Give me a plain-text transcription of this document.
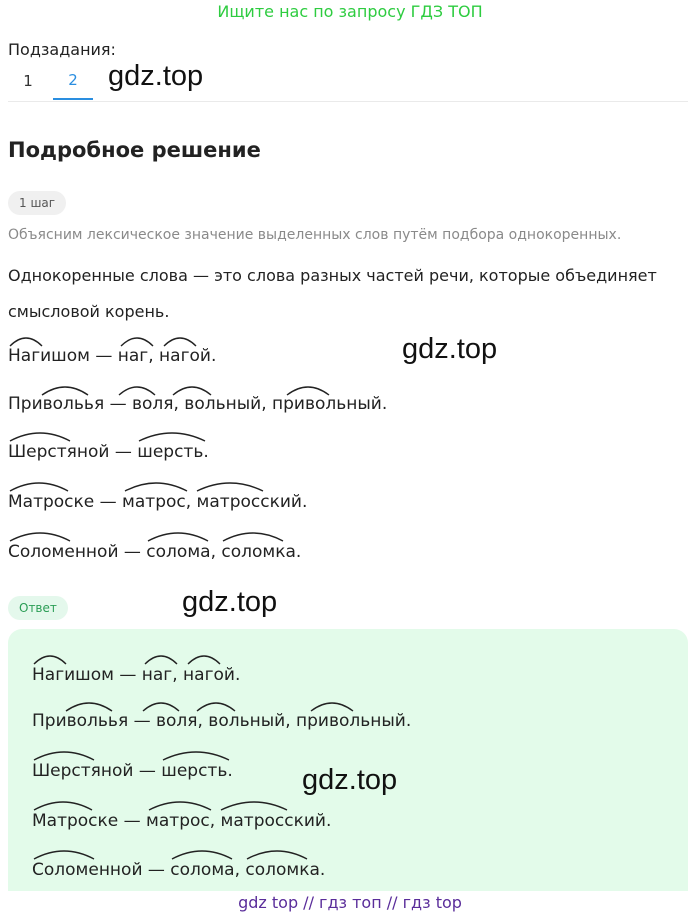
Ищите нас по запросу ГДЗ ТОП
Подзадания:
1	2	gdz.top
Подробное решение
1 шаг
Объясним лексическое значение выделенных слов путём подбора однокоренных.
Однокоренные слова — это слова разных частей речи, которые объединяет смысловой корень.
Нагишом — наг, нагой.	gdz.top
Привольья — воля, вольный, привольный.
Шерстяной — шерсть.
Матроске — матрос, матросский.
Соломенной — солома, соломка.
Ответ	gdz.top
Нагишом — наг, нагой.
Привольья — воля, вольный, привольный.
Шерстяной — шерсть. gdz.top
Матроске — матрос, матросский.
Соломенной — солома, соломка.
gdz top // гдз топ // гдз top
